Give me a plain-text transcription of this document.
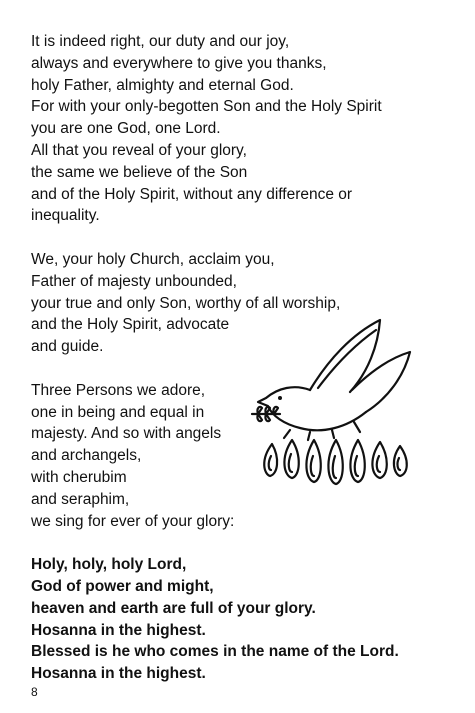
It is indeed right, our duty and our joy,
always and everywhere to give you thanks,
holy Father, almighty and eternal God.
For with your only-begotten Son and the Holy Spirit
you are one God, one Lord.
All that you reveal of your glory,
the same we believe of the Son
and of the Holy Spirit, without any difference or
inequality.

We, your holy Church, acclaim you,
Father of majesty unbounded,
your true and only Son, worthy of all worship,
and the Holy Spirit, advocate
and guide.

Three Persons we adore,
one in being and equal in
majesty. And so with angels
and archangels,
with cherubim
and seraphim,
we sing for ever of your glory:

Holy, holy, holy Lord,
God of power and might,
heaven and earth are full of your glory.
Hosanna in the highest.
Blessed is he who comes in the name of the Lord.
Hosanna in the highest.

8
